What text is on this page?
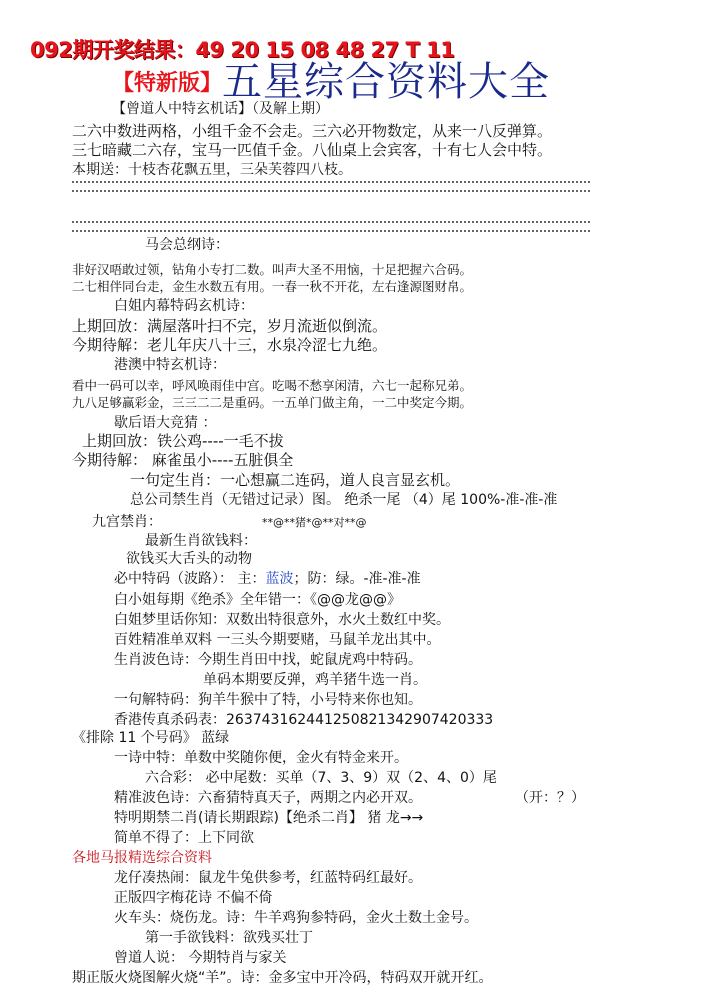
092期开奖结果：49 20 15 08 48 27 T 11
【特新版】 五星综合资料大全
【曾道人中特玄机话】（及解上期）
二六中数进两格，小组千金不会走。三六必开物数定，从来一八反弹算。
三七暗藏二六存，宝马一匹值千金。八仙桌上会宾客，十有七人会中特。
本期送：十枝杏花飘五里，三朵芙蓉四八枝。
马会总纲诗：
非好汉唔敢过领，钻角小专打二数。叫声大圣不用恼，十足把握六合码。
二七相伴同台走，金生水数五有用。一春一秋不开花，左右逢源图财帛。
白姐内幕特码玄机诗：
上期回放：满屋落叶扫不完，岁月流逝似倒流。
今期待解：老儿年庆八十三，水泉冷涩七九绝。
港澳中特玄机诗：
看中一码可以幸，呼风唤雨佳中宫。吃喝不愁享闲清，六七一起称兄弟。
九八足够赢彩金，三三二二是重码。一五单门做主角，一二中奖定今期。
歇后语大竞猜 ：
上期回放：铁公鸡----一毛不拔
今期待解： 麻雀虽小----五脏俱全
一句定生肖：一心想赢二连码，道人良言显玄机。
总公司禁生肖（无错过记录）图。 绝杀一尾 （4）尾 100%-准-准-准
九宫禁肖：	**@**猪*@**对**@
最新生肖欲钱料：
欲钱买大舌头的动物
必中特码（波路）： 主：蓝波；防：绿。-准-准-准
白小姐每期《绝杀》全年错一：《@@龙@@》
白姐梦里话你知：双数出特很意外，水火土数红中奖。
百姓精准单双料 一三头今期要赌，马鼠羊龙出其中。
生肖波色诗：今期生肖田中找，蛇鼠虎鸡中特码。
单码本期要反弹，鸡羊猪牛选一肖。
一句解特码：狗羊牛猴中了特，小号特来你也知。
香港传真杀码表：26374316244125082134290742033​3
《排除 11 个号码》 蓝绿
一诗中特：单数中奖随你便，金火有特金来开。
六合彩： 必中尾数：买单（7、3、9）双（2、4、0）尾
精准波色诗：六畜猜特真天子，两期之内必开双。	（开：？）
特明期禁二肖(请长期跟踪)【绝杀二肖】 猪 龙→→
简单不得了：上下同欲
各地马报精选综合资料
龙仔凑热闹：鼠龙牛兔供参考，红蓝特码红最好。
正版四字梅花诗 不偏不倚
火车头：烧伤龙。诗：牛羊鸡狗参特码，金火土数土金号。
第一手欲钱料：欲残买壮丁
曾道人说： 今期特肖与家关
期正版火烧图解火烧“羊”。诗：金多宝中开冷码，特码双开就开红。
